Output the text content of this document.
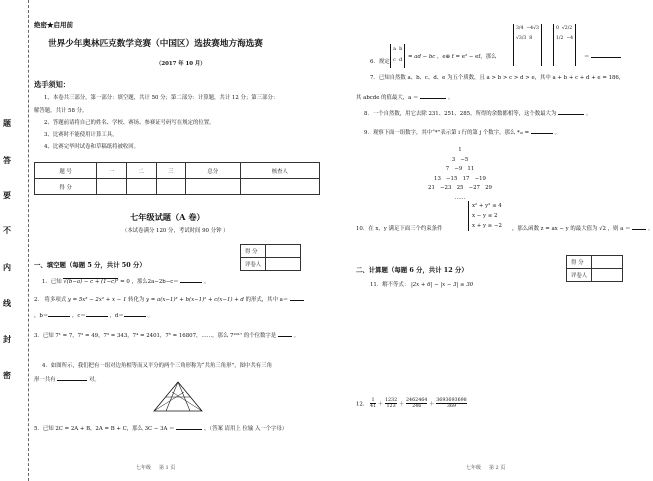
题
答
要
不
内
线
封
密
绝密★启用前
世界少年奥林匹克数学竞赛（中国区）选拔赛地方海选赛
（2017 年 10 月）
选手须知：
1、本卷共三部分，第一部分：填空题，共计 50 分；第二部分：计算题，共计 12 分；第三部分：
解答题，共计 58 分。
2、答题前请将自己的姓名、学校、赛场、参赛证号码写在规定的位置。
3、比赛时不能使用计算工具。
4、比赛完毕时试卷和草稿纸将被收回。
题 号	一	二	三	总分	核查人
得 分					
七年级试题（A 卷）
（本试卷满分 120 分，考试时间 90 分钟 ）
得 分	
评卷人	
一、填空题（每题 5 分，共计 50 分）
1．已知 √(b−a) − c + (1−c)² = 0 ，那么2a−2b−c＝	。
2． 将多项式 y = 5x³ − 2x² + x − 1 转化为 y = a(x−1)³ + b(x−1)² + c(x−1) + d 的形式，其中 a＝
，b＝	，c＝	，d＝	。
3．已知 7¹ = 7，7² = 49，7³ = 343，7⁴ = 2401，7⁵ = 16807，……，那么 7²⁰¹⁷ 的个位数字是	。
4．如图所示，我们把有一组对边角相等而又平分的两个三角形称为“共角三角形”，图中共有三角
形一共有	对。
5．已知 2C = 2A + B，2A = B + C，那么 3C − 3A ＝	。（答案 请用上 位输 入一个字母）
七年级 第 1 页
6．规定
a  b
c  d	= ad − bc ，e⊕ f = e² − ef，那么
3/4  −4√3
√3/3  8
0  √2/2
1/2  −4
＝
7．已知自然数 a、b、c、d、e 为五个质数，且 a > b > c > d > e，其中 a + b + c + d + e = 186，
其 abcde 的值最大，a ＝	。
8．一个自然数，用它去除 231、251、285，所得的余数都相等，这个数最大为	。
9．观察下面一组数字，其中“*”表示第 i 行的第 j 个数字，那么 *ᵢ₀ =	。
1
3 −5
7 −9 11
13 −15 17 −19
21 −23 25 −27 29
……
10．在 x，y 满足下面三个约束条件
x² + y² ≤ 4
x − y ≤ 2
x + y ≥ −2 ，那么函数 z = ax − y 的最大值为 √2 ，则 a ＝	。
得 分	
评卷人	
二、计算题（每题 6 分，共计 12 分）
11．解不等式： |2x + 6| − |x − 3| ≥ 30
12． $\frac{1}{41} + \frac{1232}{123} + \frac{2462464}{246} + \frac{3693693698}{369}$
七年级 第 2 页
